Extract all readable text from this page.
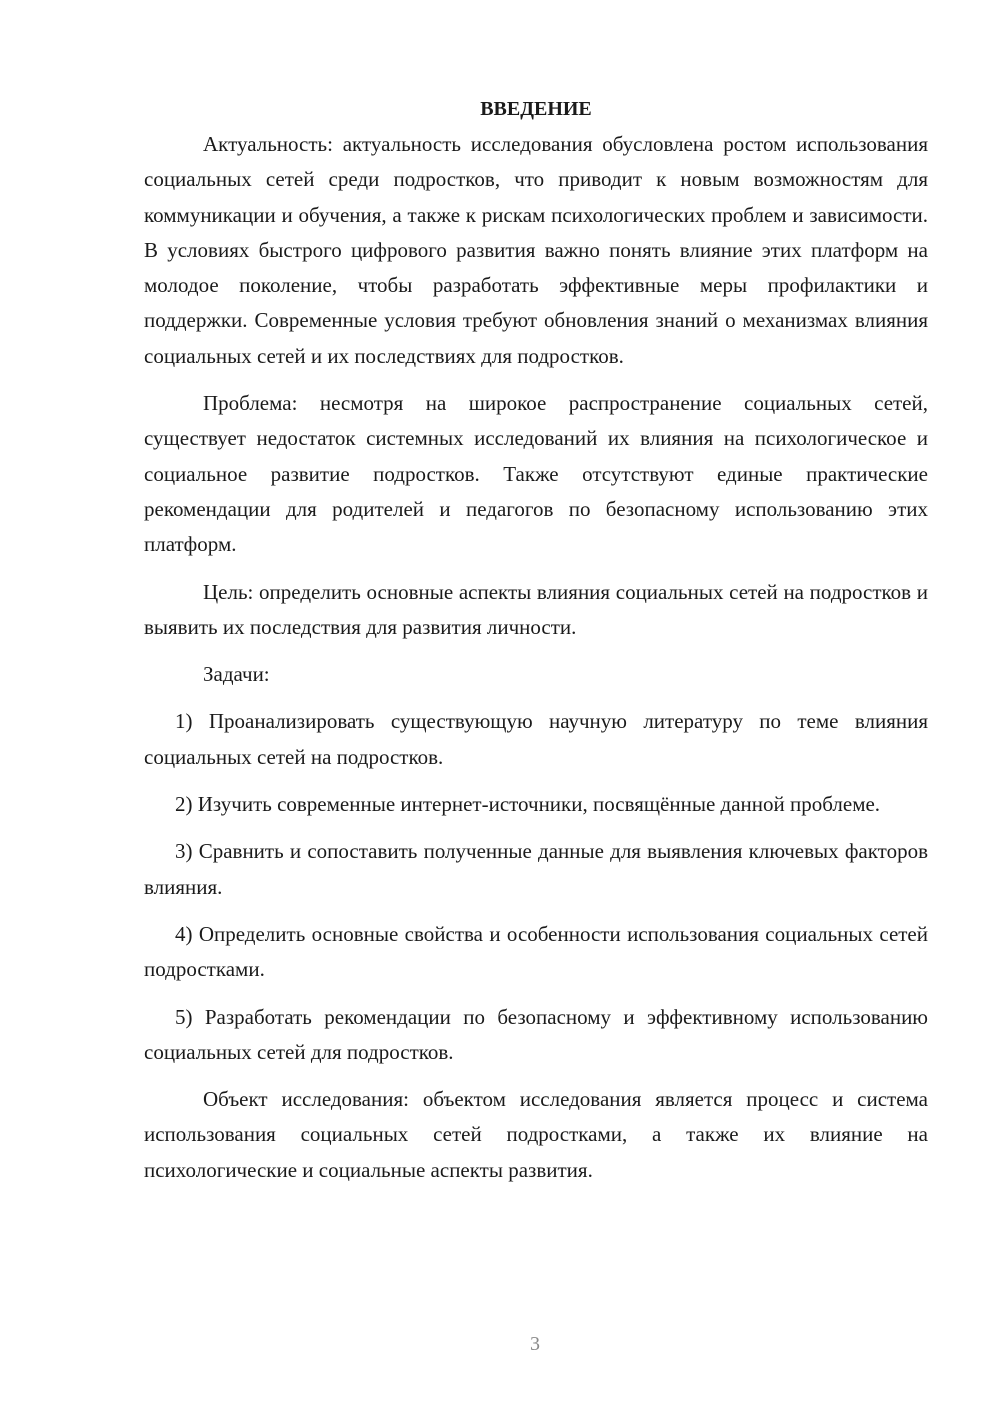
ВВЕДЕНИЕ

Актуальность: актуальность исследования обусловлена ростом использования социальных сетей среди подростков, что приводит к новым возможностям для коммуникации и обучения, а также к рискам психологических проблем и зависимости. В условиях быстрого цифрового развития важно понять влияние этих платформ на молодое поколение, чтобы разработать эффективные меры профилактики и поддержки. Современные условия требуют обновления знаний о механизмах влияния социальных сетей и их последствиях для подростков.

Проблема: несмотря на широкое распространение социальных сетей, существует недостаток системных исследований их влияния на психологическое и социальное развитие подростков. Также отсутствуют единые практические рекомендации для родителей и педагогов по безопасному использованию этих платформ.

Цель: определить основные аспекты влияния социальных сетей на подростков и выявить их последствия для развития личности.

Задачи:

1) Проанализировать существующую научную литературу по теме влияния социальных сетей на подростков.

2) Изучить современные интернет-источники, посвящённые данной проблеме.

3) Сравнить и сопоставить полученные данные для выявления ключевых факторов влияния.

4) Определить основные свойства и особенности использования социальных сетей подростками.

5) Разработать рекомендации по безопасному и эффективному использованию социальных сетей для подростков.

Объект исследования: объектом исследования является процесс и система использования социальных сетей подростками, а также их влияние на психологические и социальные аспекты развития.

3
